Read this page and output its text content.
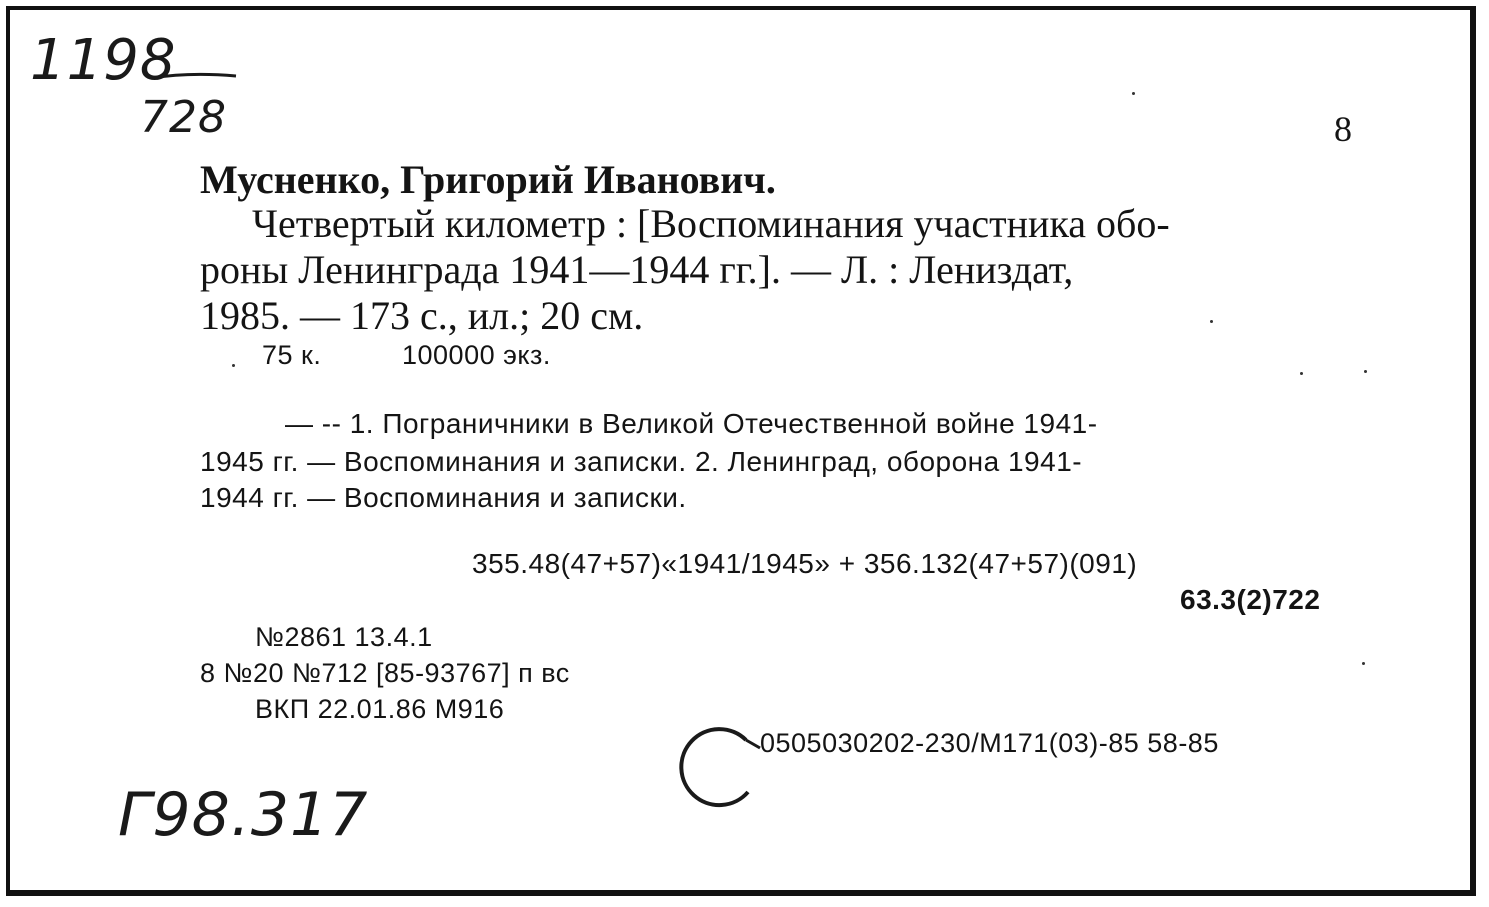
1198
728	8
Мусненко, Григорий Иванович.
Четвертый километр : [Воспоминания участника обо-
роны Ленинграда 1941—1944 гг.]. — Л. : Лениздат,
1985. — 173 с., ил.; 20 см.
75 к.	100000 экз.
— -- 1. Пограничники в Великой Отечественной войне 1941-
1945 гг. — Воспоминания и записки. 2. Ленинград, оборона 1941-
1944 гг. — Воспоминания и записки.
355.48(47+57)«1941/1945» + 356.132(47+57)(091)
63.3(2)722
№2861 13.4.1
8 №20 №712 [85-93767] п вс
ВКП 22.01.86 М916
0505030202-230/М171(03)-85 58-85
Г98.317
